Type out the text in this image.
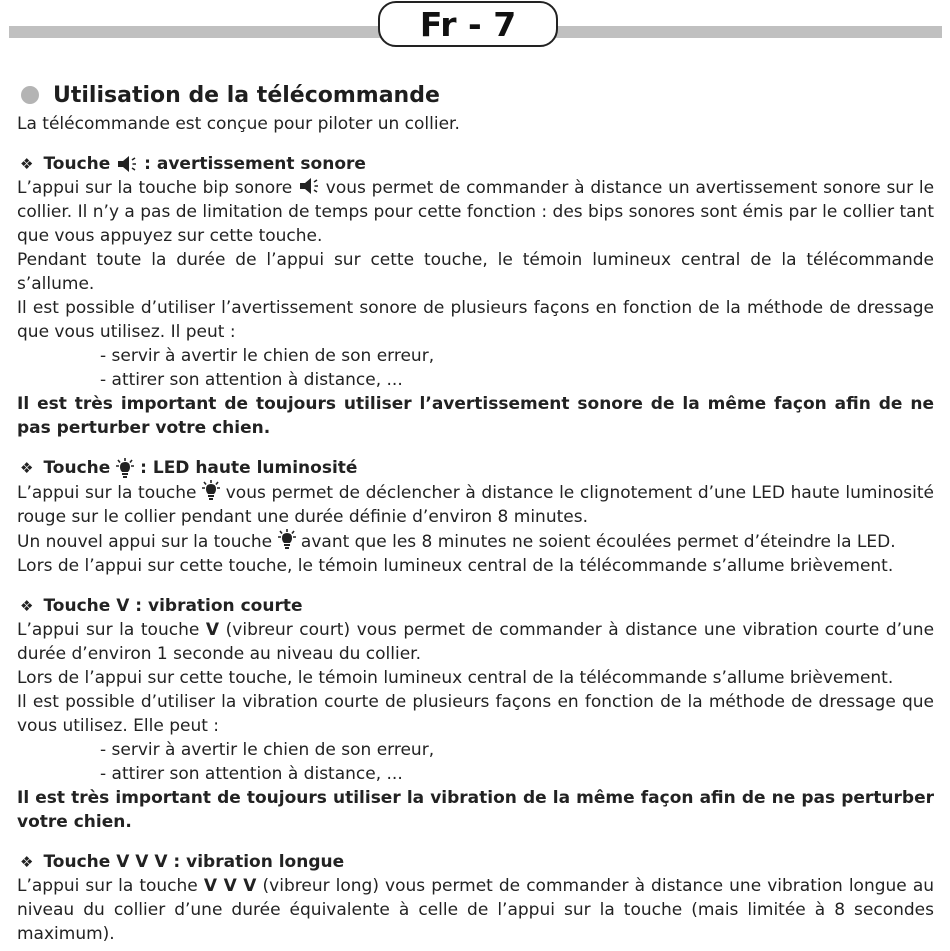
Fr - 7
Utilisation de la télécommande

La télécommande est conçue pour piloter un collier.

❖ Touche

: avertissement sonore

L’appui sur la touche bip sonore vous permet de commander à distance un avertissement sonore sur le collier. Il n’y a pas de limitation de temps pour cette fonction : des bips sonores sont émis par le collier tant que vous appuyez sur cette touche.

Pendant toute la durée de l’appui sur cette touche, le témoin lumineux central de la télécommande s’allume.

Il est possible d’utiliser l’avertissement sonore de plusieurs façons en fonction de la méthode de dressage que vous utilisez. Il peut :

- servir à avertir le chien de son erreur,

- attirer son attention à distance, ...

Il est très important de toujours utiliser l’avertissement sonore de la même façon afin de ne pas perturber votre chien.

❖ Touche

: LED haute luminosité

L’appui sur la touche vous permet de déclencher à distance le clignotement d’une LED haute luminosité rouge sur le collier pendant une durée définie d’environ 8 minutes.

Un nouvel appui sur la touche avant que les 8 minutes ne soient écoulées permet d’éteindre la LED.

Lors de l’appui sur cette touche, le témoin lumineux central de la télécommande s’allume brièvement.

❖ Touche V : vibration courte

L’appui sur la touche V (vibreur court) vous permet de commander à distance une vibration courte d’une durée d’environ 1 seconde au niveau du collier.

Lors de l’appui sur cette touche, le témoin lumineux central de la télécommande s’allume brièvement.

Il est possible d’utiliser la vibration courte de plusieurs façons en fonction de la méthode de dressage que vous utilisez. Elle peut :

- servir à avertir le chien de son erreur,

- attirer son attention à distance, ...

Il est très important de toujours utiliser la vibration de la même façon afin de ne pas perturber votre chien.

❖ Touche V V V : vibration longue

L’appui sur la touche V V V (vibreur long) vous permet de commander à distance une vibration longue au niveau du collier d’une durée équivalente à celle de l’appui sur la touche (mais limitée à 8 secondes maximum).
